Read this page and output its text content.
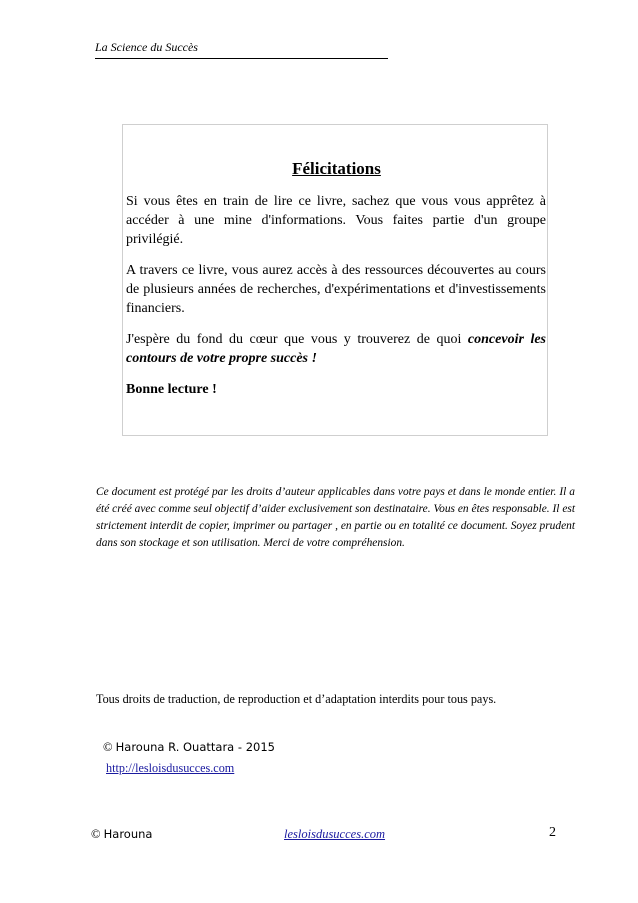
La Science du Succès
Félicitations

Si vous êtes en train de lire ce livre, sachez que vous vous apprêtez à accéder à une mine d'informations. Vous faites partie d'un groupe privilégié.

A travers ce livre, vous aurez accès à des ressources découvertes au cours de plusieurs années de recherches, d'expérimentations et d'investissements financiers.

J'espère du fond du cœur que vous y trouverez de quoi concevoir les contours de votre propre succès !

Bonne lecture !

Ce document est protégé par les droits d’auteur applicables dans votre pays et dans le monde entier. Il a été créé avec comme seul objectif d’aider exclusivement son destinataire. Vous en êtes responsable. Il est strictement interdit de copier, imprimer ou partager , en partie ou en totalité ce document. Soyez prudent dans son stockage et son utilisation. Merci de votre compréhension.

Tous droits de traduction, de reproduction et d’adaptation interdits pour tous pays.

© Harouna R. Ouattara - 2015
http://lesloisdusucces.com
© Harouna	lesloisdusucces.com	2
